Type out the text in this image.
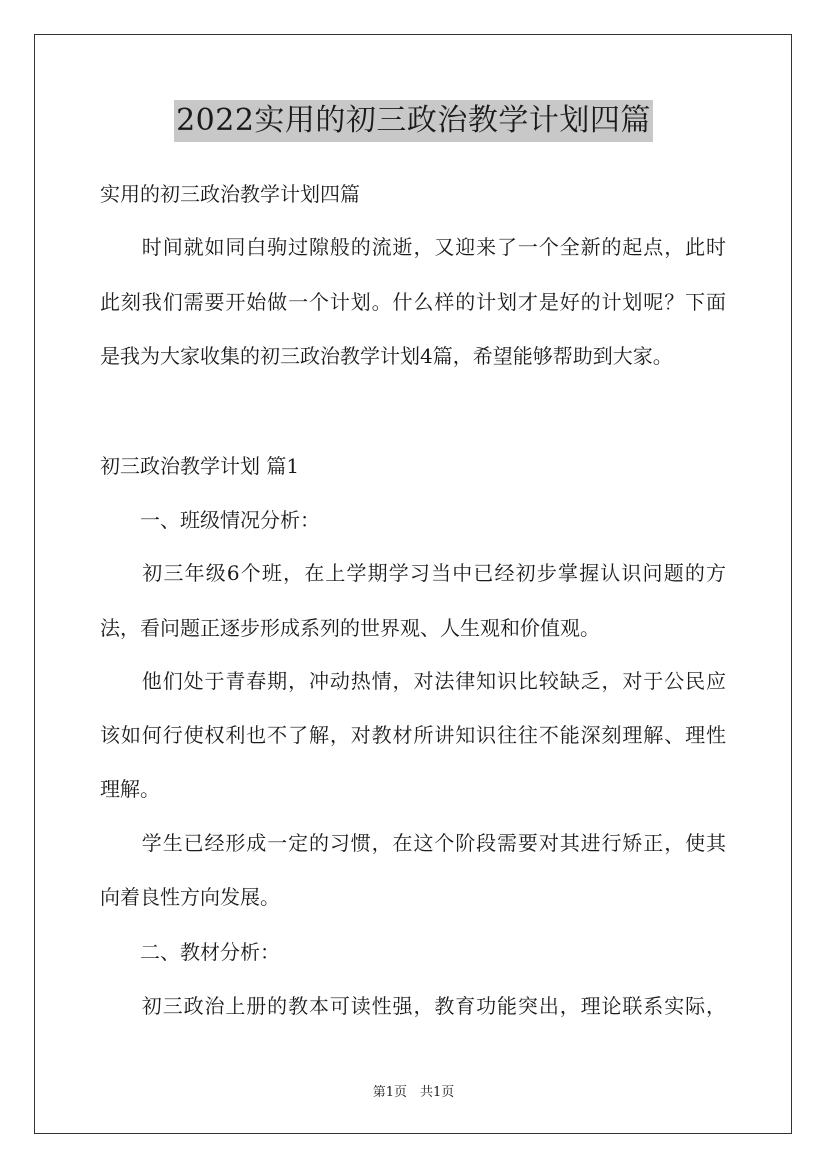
2022实用的初三政治教学计划四篇
实用的初三政治教学计划四篇
　　时间就如同白驹过隙般的流逝，又迎来了一个全新的起点，此时
此刻我们需要开始做一个计划。什么样的计划才是好的计划呢？下面
是我为大家收集的初三政治教学计划4篇，希望能够帮助到大家。
初三政治教学计划 篇1
　　一、班级情况分析：
　　初三年级6个班，在上学期学习当中已经初步掌握认识问题的方
法，看问题正逐步形成系列的世界观、人生观和价值观。
　　他们处于青春期，冲动热情，对法律知识比较缺乏，对于公民应
该如何行使权利也不了解，对教材所讲知识往往不能深刻理解、理性
理解。
　　学生已经形成一定的习惯，在这个阶段需要对其进行矫正，使其
向着良性方向发展。
　　二、教材分析：
　　初三政治上册的教本可读性强，教育功能突出，理论联系实际，
第1页　共1页
